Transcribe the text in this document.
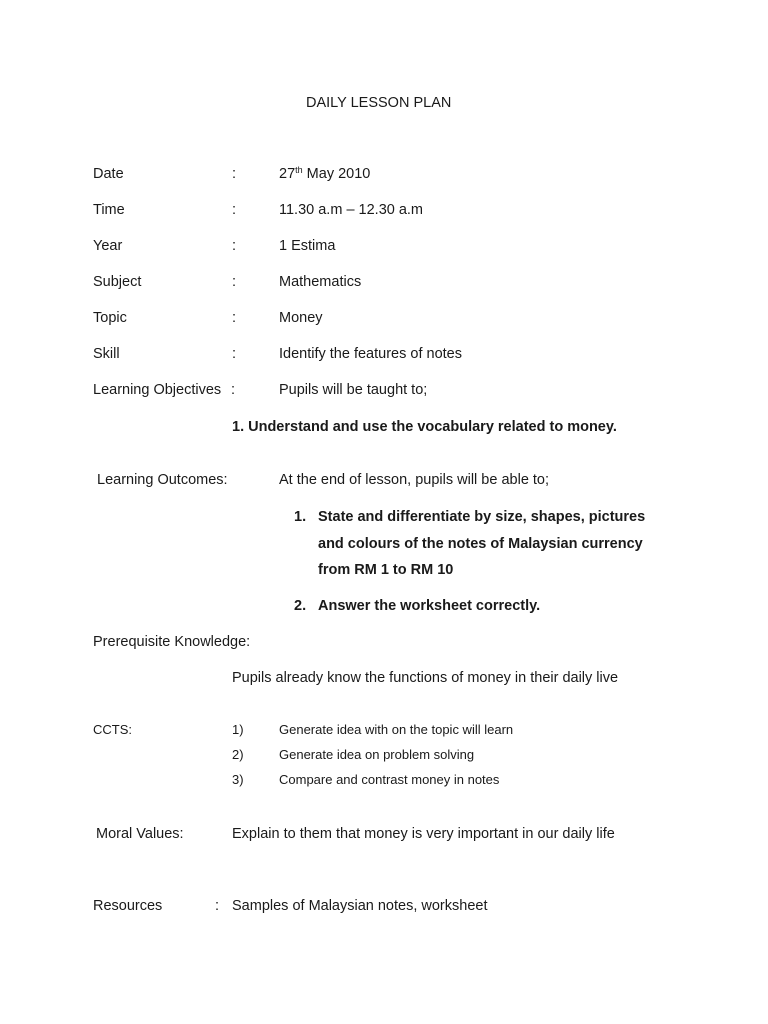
DAILY LESSON PLAN
Date	:	27th May 2010
Time	:	11.30 a.m – 12.30 a.m
Year	:	1 Estima
Subject	:	Mathematics
Topic	:	Money
Skill	:	Identify the features of notes
Learning Objectives :	Pupils will be taught to;
1. Understand and use the vocabulary related to money.
Learning Outcomes:	At the end of lesson, pupils will be able to;
1. State and differentiate by size, shapes, pictures
and colours of the notes of Malaysian currency
from RM 1 to RM 10
2. Answer the worksheet correctly.
Prerequisite Knowledge:
Pupils already know the functions of money in their daily live
CCTS:	1)	Generate idea with on the topic will learn
2)	Generate idea on problem solving
3)	Compare and contrast money in notes
Moral Values:	Explain to them that money is very important in our daily life
Resources	: Samples of Malaysian notes, worksheet
